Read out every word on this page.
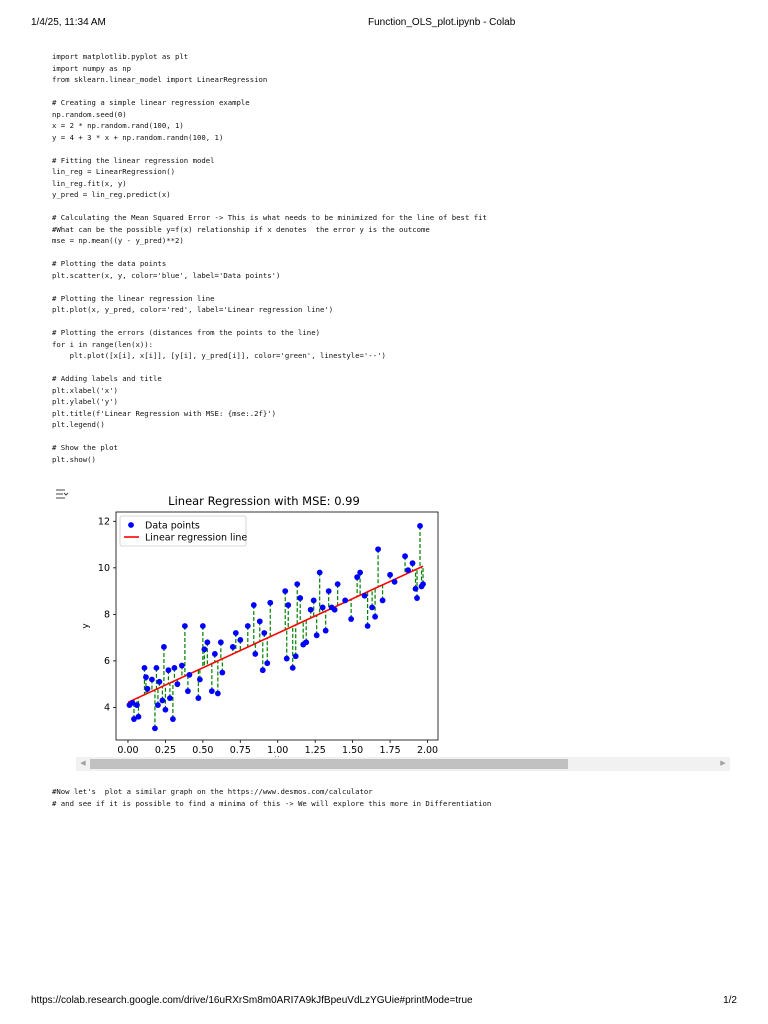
1/4/25, 11:34 AM	Function_OLS_plot.ipynb - Colab
import matplotlib.pyplot as plt
import numpy as np
from sklearn.linear_model import LinearRegression
# Creating a simple linear regression example
np.random.seed(0)
x = 2 * np.random.rand(100, 1)
y = 4 + 3 * x + np.random.randn(100, 1)
# Fitting the linear regression model
lin_reg = LinearRegression()
lin_reg.fit(x, y)
y_pred = lin_reg.predict(x)
# Calculating the Mean Squared Error -> This is what needs to be minimized for the line of best fit
#What can be the possible y=f(x) relationship if x denotes  the error y is the outcome
mse = np.mean((y - y_pred)**2)
# Plotting the data points
plt.scatter(x, y, color='blue', label='Data points')
# Plotting the linear regression line
plt.plot(x, y_pred, color='red', label='Linear regression line')
# Plotting the errors (distances from the points to the line)
for i in range(len(x)):
plt.plot([x[i], x[i]], [y[i], y_pred[i]], color='green', linestyle='--')
# Adding labels and title
plt.xlabel('x')
plt.ylabel('y')
plt.title(f'Linear Regression with MSE: {mse:.2f}')
plt.legend()
# Show the plot
plt.show()
Linear Regression with MSE: 0.99
0.00 0.25 0.50 0.75 1.00 1.25 1.50 1.75 2.00
4
6
8
10
12
y
Data points
Linear regression line
◀	▶
#Now let's  plot a similar graph on the https://www.desmos.com/calculator
# and see if it is possible to find a minima of this -> We will explore this more in Differentiation
https://colab.research.google.com/drive/16uRXrSm8m0ARI7A9kJfBpeuVdLzYGUie#printMode=true	1/2
